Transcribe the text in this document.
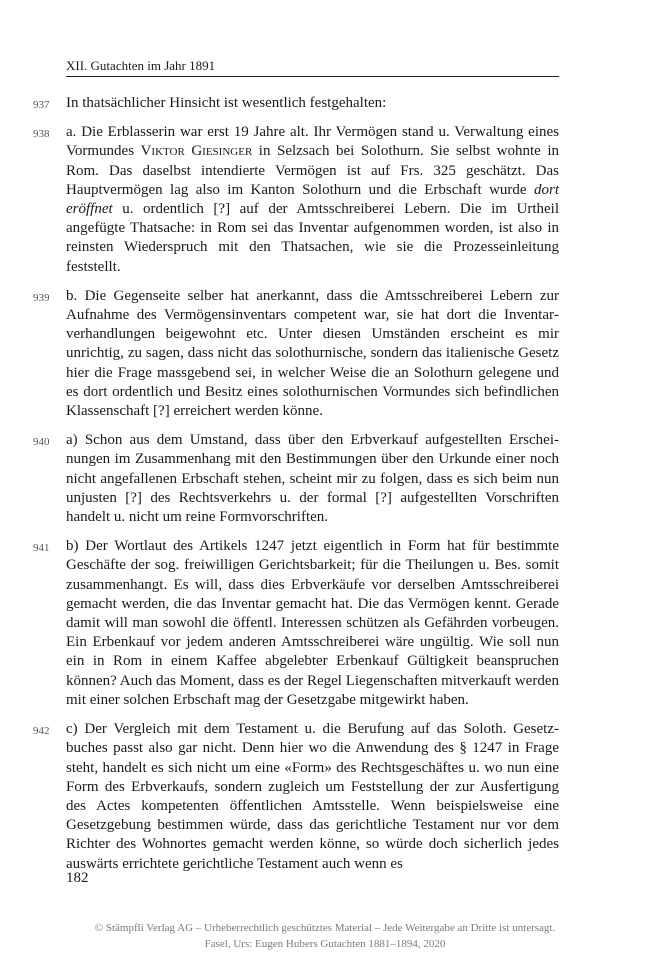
XII. Gutachten im Jahr 1891
937	In thatsächlicher Hinsicht ist wesentlich festgehalten:
938	a. Die Erblasserin war erst 19 Jahre alt. Ihr Vermögen stand u. Verwaltung eines Vormundes Viktor Giesinger in Selzsach bei Solothurn. Sie selbst wohnte in Rom. Das daselbst intendierte Vermögen ist auf Frs. 325 geschätzt. Das Hauptvermögen lag also im Kanton Solothurn und die Erbschaft wurde dort eröffnet u. ordentlich [?] auf der Amtsschreiberei Lebern. Die im Urtheil angefügte Thatsache: in Rom sei das Inventar aufgenommen worden, ist also in reinsten Wiederspruch mit den Thatsachen, wie sie die Prozesseinleitung feststellt.
939	b. Die Gegenseite selber hat anerkannt, dass die Amtsschreiberei Lebern zur Aufnahme des Vermögensinventars competent war, sie hat dort die Inventarverhandlungen beigewohnt etc. Unter diesen Umständen erscheint es mir unrichtig, zu sagen, dass nicht das solothurnische, sondern das italienische Gesetz hier die Frage massgebend sei, in welcher Weise die an Solothurn gelegene und es dort ordentlich und Besitz eines solothurnischen Vormundes sich befindlichen Klassenschaft [?] erreichert werden könne.
940	a) Schon aus dem Umstand, dass über den Erbverkauf aufgestellten Erscheinungen im Zusammenhang mit den Bestimmungen über den Urkunde einer noch nicht angefallenen Erbschaft stehen, scheint mir zu folgen, dass es sich beim nun unjusten [?] des Rechtsverkehrs u. der formal [?] aufgestellten Vorschriften handelt u. nicht um reine Formvorschriften.
941	b) Der Wortlaut des Artikels 1247 jetzt eigentlich in Form hat für bestimmte Geschäfte der sog. freiwilligen Gerichtsbarkeit; für die Theilungen u. Bes. somit zusammenhangt. Es will, dass dies Erbverkäufe vor derselben Amtsschreiberei gemacht werden, die das Inventar gemacht hat. Die das Vermögen kennt. Gerade damit will man sowohl die öffentl. Interessen schützen als Gefährden vorbeugen. Ein Erbenkauf vor jedem anderen Amtsschreiberei wäre ungültig. Wie soll nun ein in Rom in einem Kaffee abgelebter Erbenkauf Gültigkeit beanspruchen können? Auch das Moment, dass es der Regel Liegenschaften mitverkauft werden mit einer solchen Erbschaft mag der Gesetzgabe mitgewirkt haben.
942	c) Der Vergleich mit dem Testament u. die Berufung auf das Soloth. Gesetzbuches passt also gar nicht. Denn hier wo die Anwendung des § 1247 in Frage steht, handelt es sich nicht um eine «Form» des Rechtsgeschäftes u. wo nun eine Form des Erbverkaufs, sondern zugleich um Feststellung der zur Ausfertigung des Actes kompetenten öffentlichen Amtsstelle. Wenn beispielsweise eine Gesetzgebung bestimmen würde, dass das gerichtliche Testament nur vor dem Richter des Wohnortes gemacht werden könne, so würde doch sicherlich jedes auswärts errichtete gerichtliche Testament auch wenn es
182
© Stämpfli Verlag AG – Urheberrechtlich geschütztes Material – Jede Weitergabe an Dritte ist untersagt.
Fasel, Urs: Eugen Hubers Gutachten 1881–1894, 2020
